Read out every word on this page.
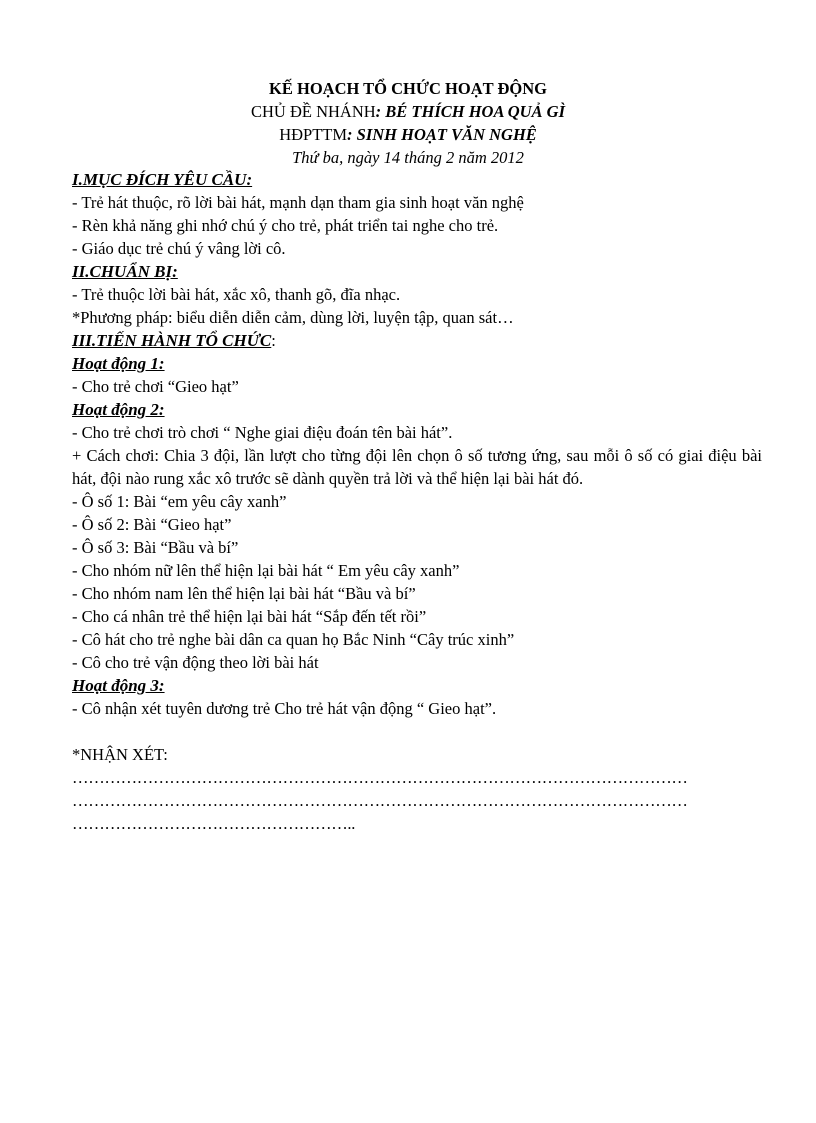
KẾ HOẠCH TỔ CHỨC HOẠT ĐỘNG
CHỦ ĐỀ NHÁNH: BÉ THÍCH HOA QUẢ GÌ
HĐPTTM: SINH HOẠT VĂN NGHỆ
Thứ ba, ngày 14 tháng 2 năm 2012
I.MỤC ĐÍCH YÊU CẦU:
- Trẻ hát thuộc, rõ lời bài hát, mạnh dạn tham gia sinh hoạt văn nghệ
- Rèn khả năng ghi nhớ chú ý cho trẻ, phát triển tai nghe cho trẻ.
- Giáo dục trẻ chú ý vâng lời cô.
II.CHUẨN BỊ:
- Trẻ thuộc lời bài hát, xắc xô, thanh gõ, đĩa nhạc.
*Phương pháp: biểu diễn diễn cảm, dùng lời, luyện tập, quan sát…
III.TIẾN HÀNH TỔ CHỨC:
Hoạt động 1:
- Cho trẻ chơi “Gieo hạt”
Hoạt động 2:
- Cho trẻ chơi trò chơi “ Nghe giai điệu đoán tên bài hát”.
+ Cách chơi: Chia 3 đội, lần lượt cho từng đội lên chọn ô số tương ứng, sau mỗi ô số có giai điệu bài hát, đội nào rung xắc xô trước sẽ dành quyền trả lời và thể hiện lại bài hát đó.
- Ô số 1: Bài “em yêu cây xanh”
- Ô số 2: Bài “Gieo hạt”
- Ô số 3: Bài “Bầu và bí”
- Cho nhóm nữ lên thể hiện lại bài hát “ Em yêu cây xanh”
- Cho nhóm nam lên thể hiện lại bài hát “Bầu và bí”
- Cho cá nhân trẻ thể hiện lại bài hát “Sắp đến tết rồi”
- Cô hát cho trẻ nghe bài dân ca quan họ Bắc Ninh “Cây trúc xinh”
- Cô cho trẻ vận động theo lời bài hát
Hoạt động 3:
- Cô nhận xét tuyên dương trẻ Cho trẻ hát vận động “ Gieo hạt”.
*NHẬN XÉT:
……………………………………………………………………………………………………
……………………………………………………………………………………………………
……………………………………………..
